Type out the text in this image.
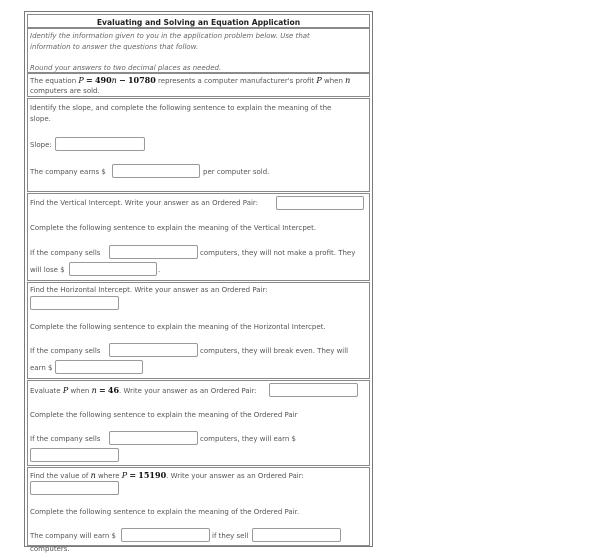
Evaluating and Solving an Equation Application
Identify the information given to you in the application problem below. Use that
information to answer the questions that follow.
Round your answers to two decimal places as needed.
The equation P = 490n − 10780 represents a computer manufacturer's profit P when n
computers are sold.
Identify the slope, and complete the following sentence to explain the meaning of the
slope.
Slope:
The company earns $	per computer sold.
Find the Vertical Intercept. Write your answer as an Ordered Pair:
Complete the following sentence to explain the meaning of the Vertical Intercpet.
If the company sells	computers, they will not make a profit. They
will lose $	.
Find the Horizontal Intercept. Write your answer as an Ordered Pair:
Complete the following sentence to explain the meaning of the Horizontal Intercpet.
If the company sells	computers, they will break even. They will
earn $
Evaluate P when n = 46. Write your answer as an Ordered Pair:
Complete the following sentence to explain the meaning of the Ordered Pair
If the company sells	computers, they will earn $
Find the value of n where P = 15190. Write your answer as an Ordered Pair:
Complete the following sentence to explain the meaning of the Ordered Pair.
The company will earn $	if they sell
computers.
